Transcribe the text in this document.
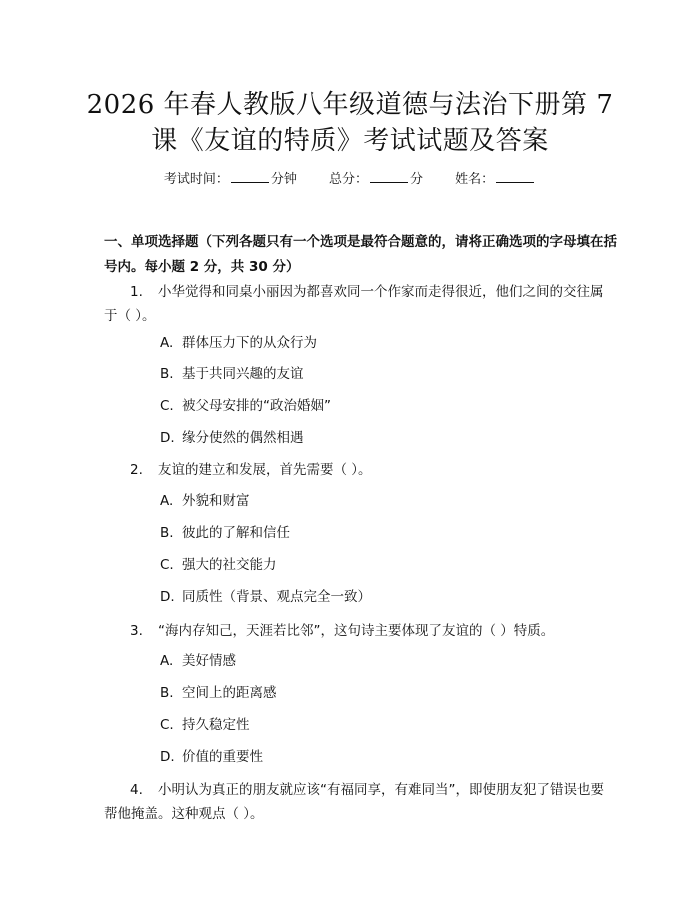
2026 年春人教版八年级道德与法治下册第 7
课《友谊的特质》考试试题及答案
考试时间：	分钟 总分：	分 姓名：
一、单项选择题（下列各题只有一个选项是最符合题意的，请将正确选项的字母填在括号内。每小题 2 分，共 30 分）
1. 小华觉得和同桌小丽因为都喜欢同一个作家而走得很近，他们之间的交往属于（ ）。
A. 群体压力下的从众行为
B. 基于共同兴趣的友谊
C. 被父母安排的“政治婚姻”
D. 缘分使然的偶然相遇
2. 友谊的建立和发展，首先需要（ ）。
A. 外貌和财富
B. 彼此的了解和信任
C. 强大的社交能力
D. 同质性（背景、观点完全一致）
3. “海内存知己，天涯若比邻”，这句诗主要体现了友谊的（ ）特质。
A. 美好情感
B. 空间上的距离感
C. 持久稳定性
D. 价值的重要性
4. 小明认为真正的朋友就应该“有福同享，有难同当”，即使朋友犯了错误也要帮他掩盖。这种观点（ ）。
